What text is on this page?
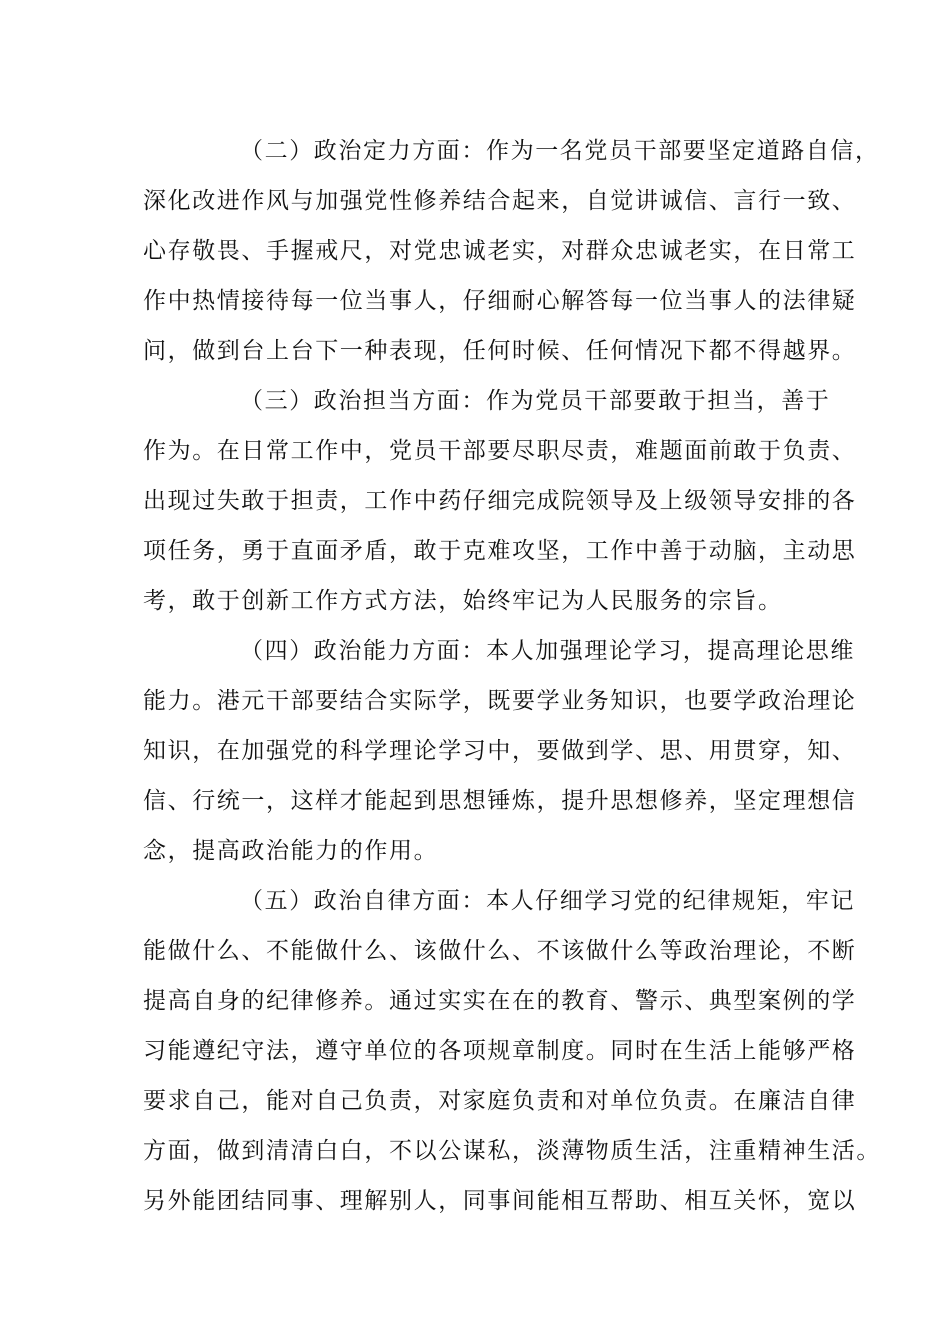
（二）政治定力方面：作为一名党员干部要坚定道路自信，
深化改进作风与加强党性修养结合起来，自觉讲诚信、言行一致、
心存敬畏、手握戒尺，对党忠诚老实，对群众忠诚老实，在日常工
作中热情接待每一位当事人，仔细耐心解答每一位当事人的法律疑
问，做到台上台下一种表现，任何时候、任何情况下都不得越界。
（三）政治担当方面：作为党员干部要敢于担当，善于
作为。在日常工作中，党员干部要尽职尽责，难题面前敢于负责、
出现过失敢于担责，工作中药仔细完成院领导及上级领导安排的各
项任务，勇于直面矛盾，敢于克难攻坚，工作中善于动脑，主动思
考，敢于创新工作方式方法，始终牢记为人民服务的宗旨。
（四）政治能力方面：本人加强理论学习，提高理论思维
能力。港元干部要结合实际学，既要学业务知识，也要学政治理论
知识，在加强党的科学理论学习中，要做到学、思、用贯穿，知、
信、行统一，这样才能起到思想锤炼，提升思想修养，坚定理想信
念，提高政治能力的作用。
（五）政治自律方面：本人仔细学习党的纪律规矩，牢记
能做什么、不能做什么、该做什么、不该做什么等政治理论，不断
提高自身的纪律修养。通过实实在在的教育、警示、典型案例的学
习能遵纪守法，遵守单位的各项规章制度。同时在生活上能够严格
要求自己，能对自己负责，对家庭负责和对单位负责。在廉洁自律
方面，做到清清白白，不以公谋私，淡薄物质生活，注重精神生活。
另外能团结同事、理解别人，同事间能相互帮助、相互关怀，宽以
